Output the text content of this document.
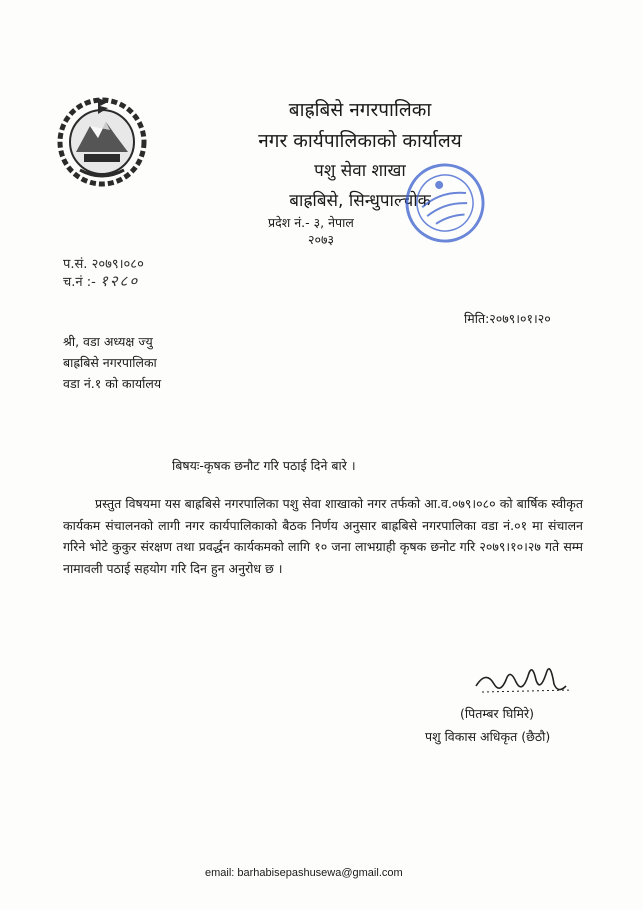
बाह्रबिसे नगरपालिका
नगर कार्यपालिकाको कार्यालय
पशु सेवा शाखा
बाह्रबिसे, सिन्धुपाल्चोक
प्रदेश नं.- ३, नेपाल
२०७३
प.सं. २०७९।०८०
च.नं :- १२८०
मिति:२०७९।०१।२०
श्री, वडा अध्यक्ष ज्यु
बाह्रबिसे नगरपालिका
वडा नं.१ को कार्यालय
बिषयः-कृषक छनौट गरि पठाई दिने बारे ।

प्रस्तुत विषयमा यस बाह्रबिसे नगरपालिका पशु सेवा शाखाको नगर तर्फको आ.व.०७९।०८० को बार्षिक स्वीकृत कार्यकम संचालनको लागी नगर कार्यपालिकाको बैठक निर्णय अनुसार बाह्रबिसे नगरपालिका वडा नं.०१ मा संचालन गरिने भोटे कुकुर संरक्षण तथा प्रवर्द्धन कार्यकमको लागि १० जना लाभग्राही कृषक छनोट गरि २०७९।१०।२७ गते सम्म नामावली पठाई सहयोग गरि दिन हुन अनुरोध छ ।

(पितम्बर घिमिरे)
पशु विकास अधिकृत (छैठौ)
email: barhabisepashusewa@gmail.com
